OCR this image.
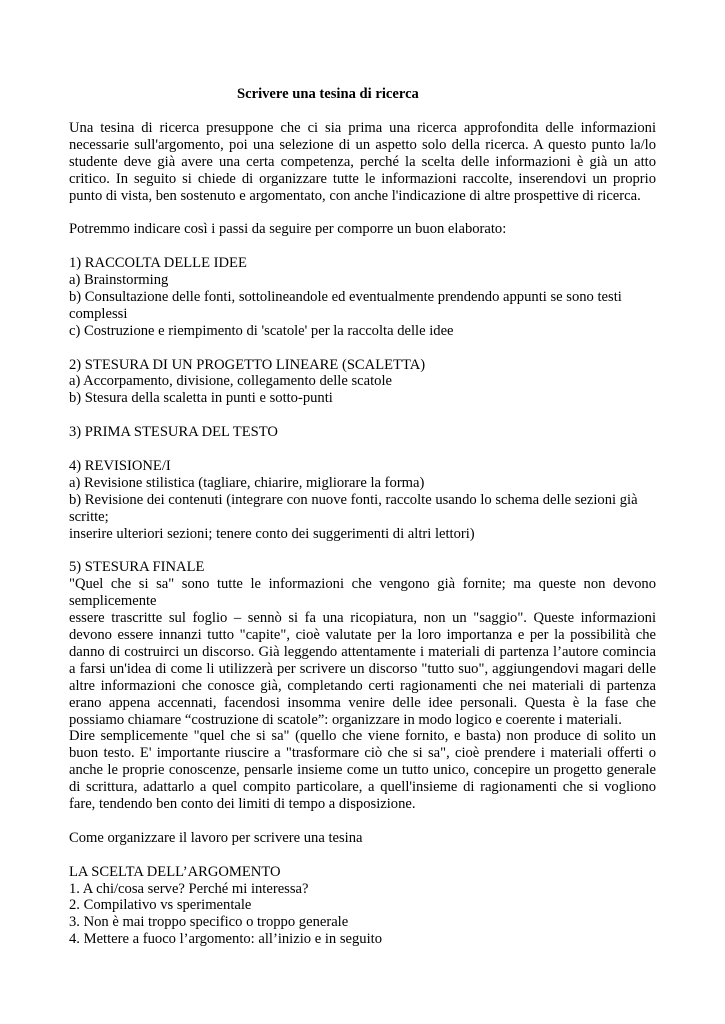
Scrivere una tesina di ricerca

Una tesina di ricerca presuppone che ci sia prima una ricerca approfondita delle informazioni
necessarie sull'argomento, poi una selezione di un aspetto solo della ricerca. A questo punto la/lo
studente deve già avere una certa competenza, perché la scelta delle informazioni è già un atto
critico. In seguito si chiede di organizzare tutte le informazioni raccolte, inserendovi un proprio
punto di vista, ben sostenuto e argomentato, con anche l'indicazione di altre prospettive di ricerca.

Potremmo indicare così i passi da seguire per comporre un buon elaborato:

1) RACCOLTA DELLE IDEE
a) Brainstorming
b) Consultazione delle fonti, sottolineandole ed eventualmente prendendo appunti se sono testi
complessi
c) Costruzione e riempimento di 'scatole' per la raccolta delle idee
2) STESURA DI UN PROGETTO LINEARE (SCALETTA)
a) Accorpamento, divisione, collegamento delle scatole
b) Stesura della scaletta in punti e sotto-punti
3) PRIMA STESURA DEL TESTO
4) REVISIONE/I
a) Revisione stilistica (tagliare, chiarire, migliorare la forma)
b) Revisione dei contenuti (integrare con nuove fonti, raccolte usando lo schema delle sezioni già
scritte;
inserire ulteriori sezioni; tenere conto dei suggerimenti di altri lettori)
5) STESURA FINALE
"Quel che si sa" sono tutte le informazioni che vengono già fornite; ma queste non devono
semplicemente
essere trascritte sul foglio – sennò si fa una ricopiatura, non un "saggio". Queste informazioni
devono essere innanzi tutto "capite", cioè valutate per la loro importanza e per la possibilità che
danno di costruirci un discorso. Già leggendo attentamente i materiali di partenza l’autore comincia
a farsi un'idea di come li utilizzerà per scrivere un discorso "tutto suo", aggiungendovi magari delle
altre informazioni che conosce già, completando certi ragionamenti che nei materiali di partenza
erano appena accennati, facendosi insomma venire delle idee personali. Questa è la fase che
possiamo chiamare “costruzione di scatole”: organizzare in modo logico e coerente i materiali.
Dire semplicemente "quel che si sa" (quello che viene fornito, e basta) non produce di solito un
buon testo. E' importante riuscire a "trasformare ciò che si sa", cioè prendere i materiali offerti o
anche le proprie conoscenze, pensarle insieme come un tutto unico, concepire un progetto generale
di scrittura, adattarlo a quel compito particolare, a quell'insieme di ragionamenti che si vogliono
fare, tendendo ben conto dei limiti di tempo a disposizione.

Come organizzare il lavoro per scrivere una tesina

LA SCELTA DELL’ARGOMENTO
1. A chi/cosa serve? Perché mi interessa?
2. Compilativo vs sperimentale
3. Non è mai troppo specifico o troppo generale
4. Mettere a fuoco l’argomento: all’inizio e in seguito
